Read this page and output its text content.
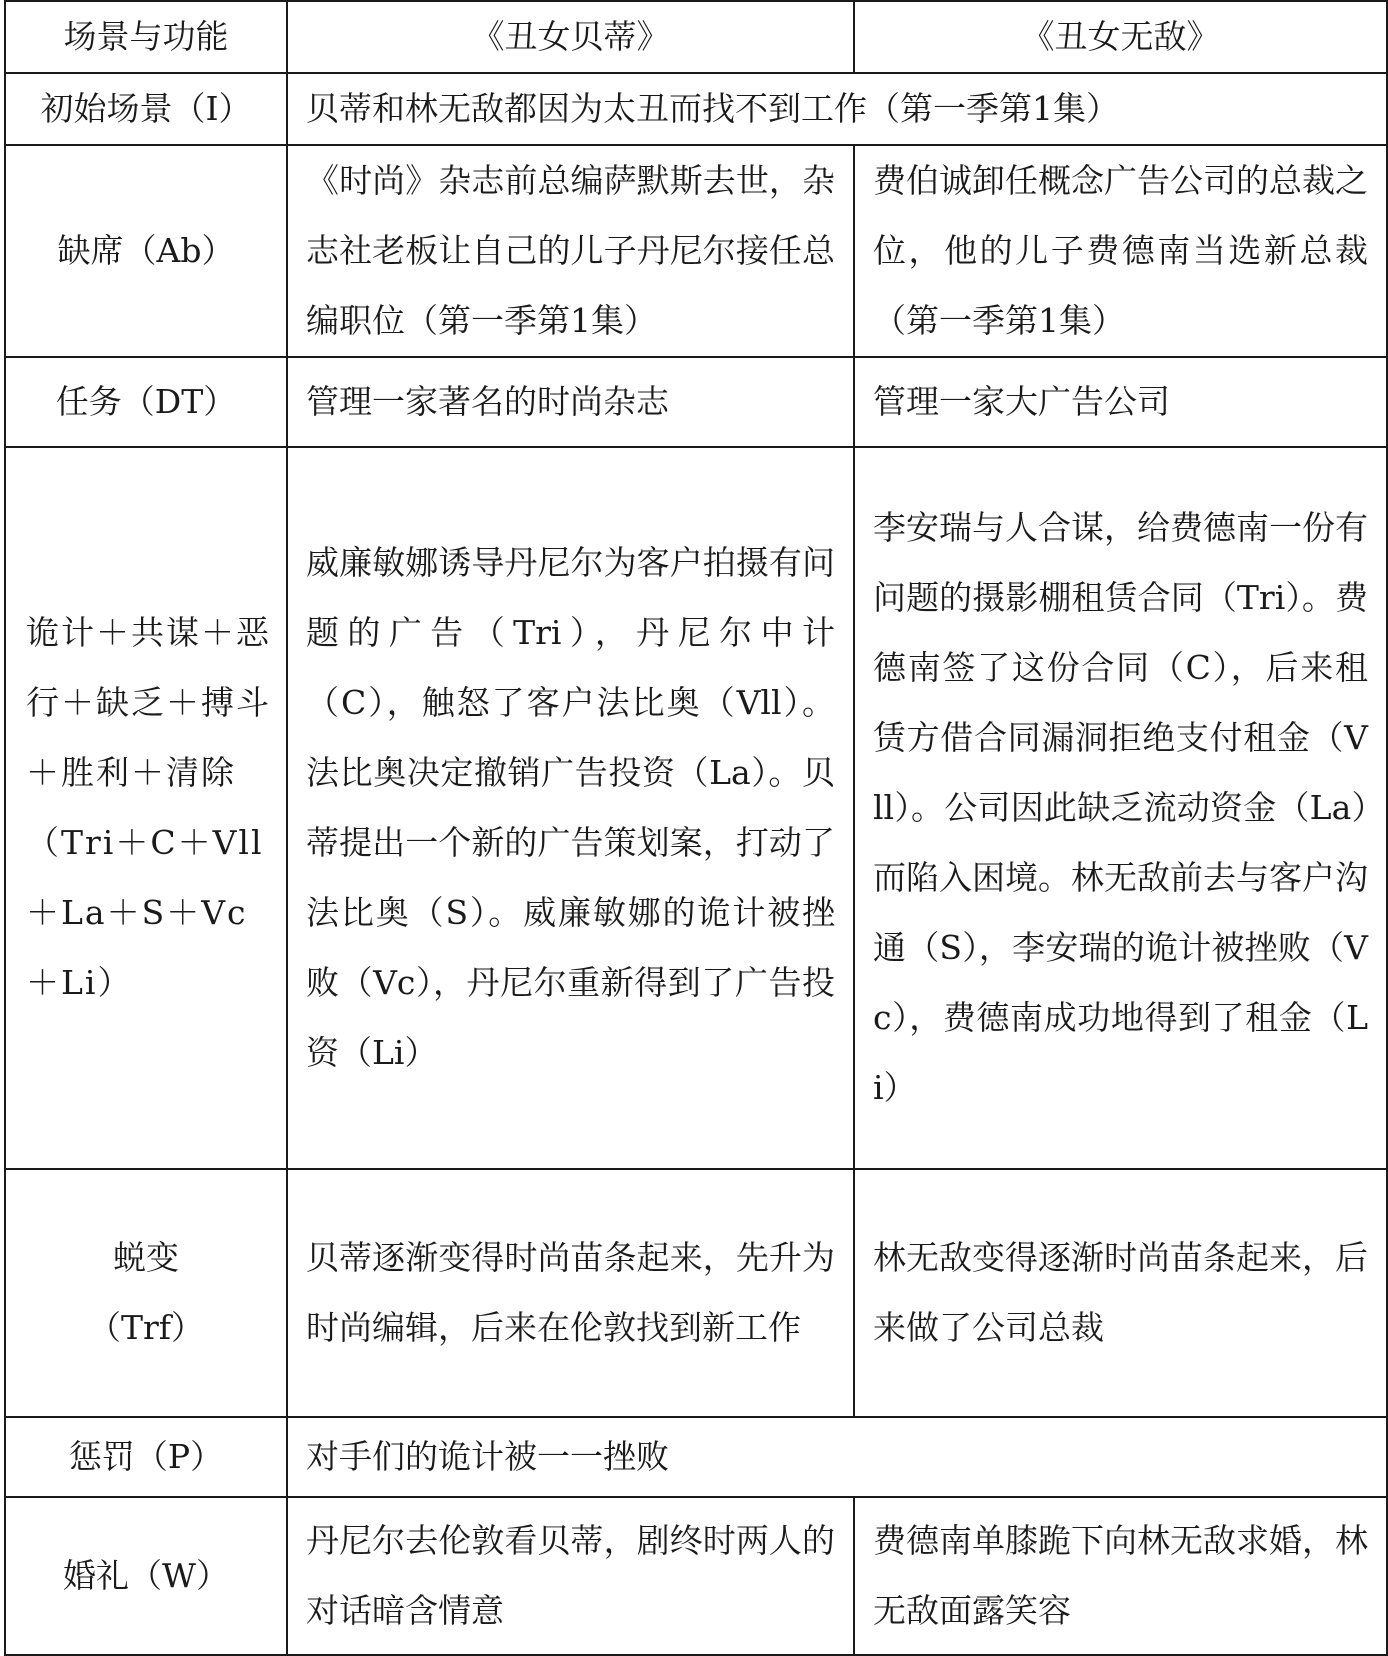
场景与功能	《丑女贝蒂》	《丑女无敌》
初始场景（I）	贝蒂和林无敌都因为太丑而找不到工作（第一季第1集）	
缺席（Ab）	《时尚》杂志前总编萨默斯去世，杂志社老板让自己的儿子丹尼尔接任总编职位（第一季第1集）	费伯诚卸任概念广告公司的总裁之位，他的儿子费德南当选新总裁（第一季第1集）
任务（DT）	管理一家著名的时尚杂志	管理一家大广告公司
诡计＋共谋＋恶行＋缺乏＋搏斗＋胜利＋清除（Tri＋C＋Vll＋La＋S＋Vc＋Li）	威廉敏娜诱导丹尼尔为客户拍摄有问题的广告（Tri），丹尼尔中计（C），触怒了客户法比奥（Vll）。法比奥决定撤销广告投资（La）。贝蒂提出一个新的广告策划案，打动了法比奥（S）。威廉敏娜的诡计被挫败（Vc），丹尼尔重新得到了广告投资（Li）	李安瑞与人合谋，给费德南一份有问题的摄影棚租赁合同（Tri）。费德南签了这份合同（C），后来租赁方借合同漏洞拒绝支付租金（Vll）。公司因此缺乏流动资金（La）而陷入困境。林无敌前去与客户沟通（S），李安瑞的诡计被挫败（Vc），费德南成功地得到了租金（Li）

蜕变
（Trf）	贝蒂逐渐变得时尚苗条起来，先升为时尚编辑，后来在伦敦找到新工作	林无敌变得逐渐时尚苗条起来，后来做了公司总裁
惩罚（P）	对手们的诡计被一一挫败	
婚礼（W）	丹尼尔去伦敦看贝蒂，剧终时两人的对话暗含情意	费德南单膝跪下向林无敌求婚，林无敌面露笑容
